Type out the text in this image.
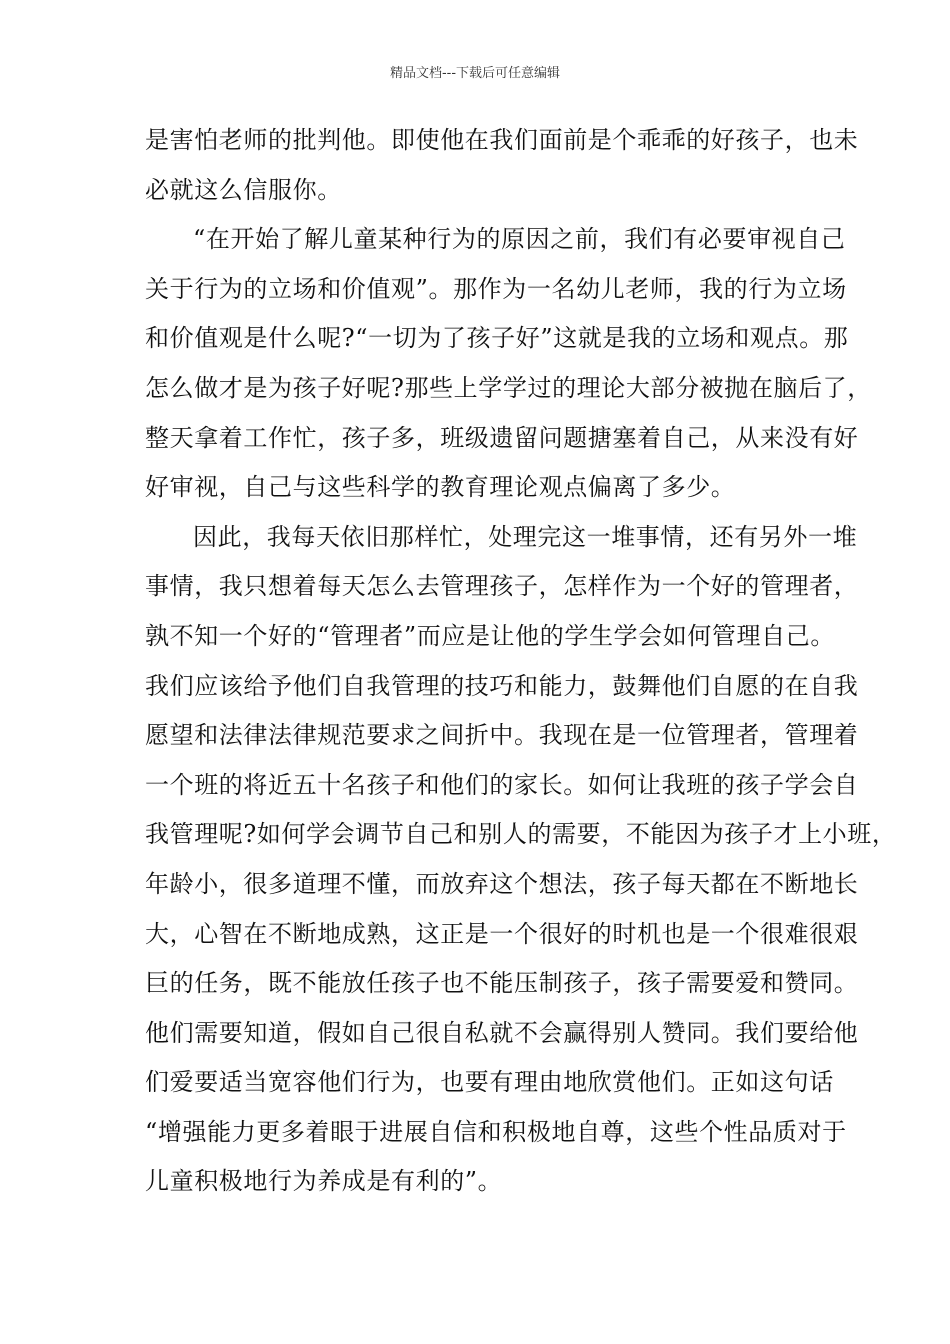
精品文档---下载后可任意编辑
是害怕老师的批判他。即使他在我们面前是个乖乖的好孩子，也未
必就这么信服你。
“在开始了解儿童某种行为的原因之前，我们有必要审视自己
关于行为的立场和价值观”。那作为一名幼儿老师，我的行为立场
和价值观是什么呢?“一切为了孩子好”这就是我的立场和观点。那
怎么做才是为孩子好呢?那些上学学过的理论大部分被抛在脑后了，
整天拿着工作忙，孩子多，班级遗留问题搪塞着自己，从来没有好
好审视，自己与这些科学的教育理论观点偏离了多少。
因此，我每天依旧那样忙，处理完这一堆事情，还有另外一堆
事情，我只想着每天怎么去管理孩子，怎样作为一个好的管理者，
孰不知一个好的“管理者”而应是让他的学生学会如何管理自己。
我们应该给予他们自我管理的技巧和能力，鼓舞他们自愿的在自我
愿望和法律法律规范要求之间折中。我现在是一位管理者，管理着
一个班的将近五十名孩子和他们的家长。如何让我班的孩子学会自
我管理呢?如何学会调节自己和别人的需要，不能因为孩子才上小班，
年龄小，很多道理不懂，而放弃这个想法，孩子每天都在不断地长
大，心智在不断地成熟，这正是一个很好的时机也是一个很难很艰
巨的任务，既不能放任孩子也不能压制孩子，孩子需要爱和赞同。
他们需要知道，假如自己很自私就不会赢得别人赞同。我们要给他
们爱要适当宽容他们行为，也要有理由地欣赏他们。正如这句话
“增强能力更多着眼于进展自信和积极地自尊，这些个性品质对于
儿童积极地行为养成是有利的”。
